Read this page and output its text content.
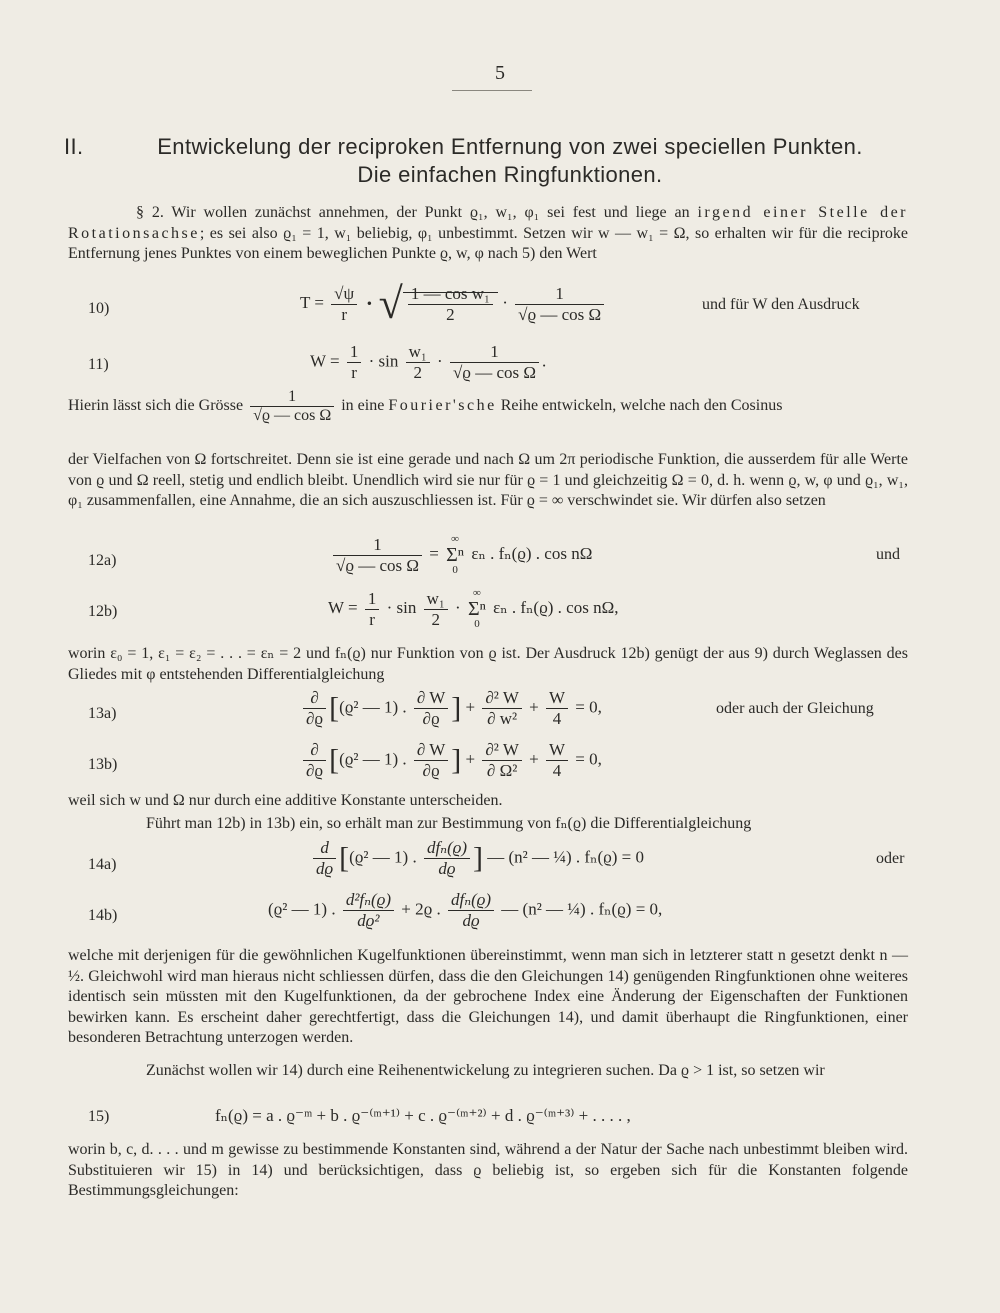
5
II.	Entwickelung der reciproken Entfernung von zwei speciellen Punkten.
Die einfachen Ringfunktionen.

§ 2. Wir wollen zunächst annehmen, der Punkt ϱ₁, w₁, φ₁ sei fest und liege an irgend einer Stelle der Rotationsachse; es sei also ϱ₁ = 1, w₁ beliebig, φ₁ unbestimmt. Setzen wir w — w₁ = Ω, so erhalten wir für die reciproke Entfernung jenes Punktes von einem beweglichen Punkte ϱ, w, φ nach 5) den Wert

10)	$T = \frac{√\psi}{r}$ · √ $\frac{\text{1 — cos w₁}}{2} \cdot \frac{1}{\text{√ϱ — cos Ω}}$	und für W den Ausdruck
11)	$W = \frac{1}{r} \cdot \sin \frac{\text{w₁}}{2} \cdot \frac{1}{\text{√ϱ — cos Ω}}$ .
Hierin lässt sich die Grösse $\frac{1}{\text{√ϱ — cos Ω}}$ in eine Fourier'sche Reihe entwickeln, welche nach den Cosinus

der Vielfachen von Ω fortschreitet. Denn sie ist eine gerade und nach Ω um 2π periodische Funktion, die ausserdem für alle Werte von ϱ und Ω reell, stetig und endlich bleibt. Unendlich wird sie nur für ϱ = 1 und gleichzeitig Ω = 0, d. h. wenn ϱ, w, φ und ϱ₁, w₁, φ₁ zusammenfallen, eine Annahme, die an sich auszuschliessen ist. Für ϱ = ∞ verschwindet sie. Wir dürfen also setzen

12a)	$\frac{1}{\text{√ϱ — cos Ω}}$ = ∞
Σⁿ
0 εₙ . fₙ(ϱ) . cos nΩ	und
12b)	$W = \frac{1}{r} \cdot \sin \frac{\text{w₁}}{2}$ · ∞
Σⁿ
0 εₙ . fₙ(ϱ) . cos nΩ,

worin ε₀ = 1, ε₁ = ε₂ = . . . = εₙ = 2 und fₙ(ϱ) nur Funktion von ϱ ist. Der Ausdruck 12b) genügt der aus 9) durch Weglassen des Gliedes mit φ entstehenden Differentialgleichung

13a)	$\frac{\partial}{\partial ϱ} [(ϱ^2$ — 1) . $\frac{\partial W}{\partial ϱ}$ ] + $\frac{\text{∂² W}}{\text{∂ w²}} + \frac{W}{4} = 0$,	oder auch der Gleichung
13b)	$\frac{\partial}{\partial ϱ} [(ϱ^2$ — 1) . $\frac{\partial W}{\partial ϱ}$ ] + $\frac{\text{∂² W}}{\text{∂ Ω²}} + \frac{W}{4} = 0$,

weil sich w und Ω nur durch eine additive Konstante unterscheiden.

Führt man 12b) in 13b) ein, so erhält man zur Bestimmung von fₙ(ϱ) die Differentialgleichung

14a)	$\frac{d}{dϱ} [(ϱ^2$ — 1) . $\frac{\text{dfₙ(ϱ)}}{dϱ}$ ] — (n² — ¼) . fₙ(ϱ) = 0	oder
14b)	(ϱ² — 1) . $\frac{\text{d²fₙ(ϱ)}}{\text{dϱ²}} + 2ϱ$ . $\frac{\text{dfₙ(ϱ)}}{dϱ}$ — (n² — ¼) . fₙ(ϱ) = 0,

welche mit derjenigen für die gewöhnlichen Kugelfunktionen übereinstimmt, wenn man sich in letzterer statt n gesetzt denkt n — ½. Gleichwohl wird man hieraus nicht schliessen dürfen, dass die den Gleichungen 14) genügenden Ringfunktionen ohne weiteres identisch sein müssten mit den Kugelfunktionen, da der gebrochene Index eine Änderung der Eigenschaften der Funktionen bewirken kann. Es erscheint daher gerechtfertigt, dass die Gleichungen 14), und damit überhaupt die Ringfunktionen, einer besonderen Betrachtung unterzogen werden.

Zunächst wollen wir 14) durch eine Reihenentwickelung zu integrieren suchen. Da ϱ > 1 ist, so setzen wir

15)	fₙ(ϱ) = a . ϱ⁻ᵐ + b . ϱ⁻⁽ᵐ⁺¹⁾ + c . ϱ⁻⁽ᵐ⁺²⁾ + d . ϱ⁻⁽ᵐ⁺³⁾ + . . . . ,

worin b, c, d. . . . und m gewisse zu bestimmende Konstanten sind, während a der Natur der Sache nach unbestimmt bleiben wird. Substituieren wir 15) in 14) und berücksichtigen, dass ϱ beliebig ist, so ergeben sich für die Konstanten folgende Bestimmungsgleichungen:
